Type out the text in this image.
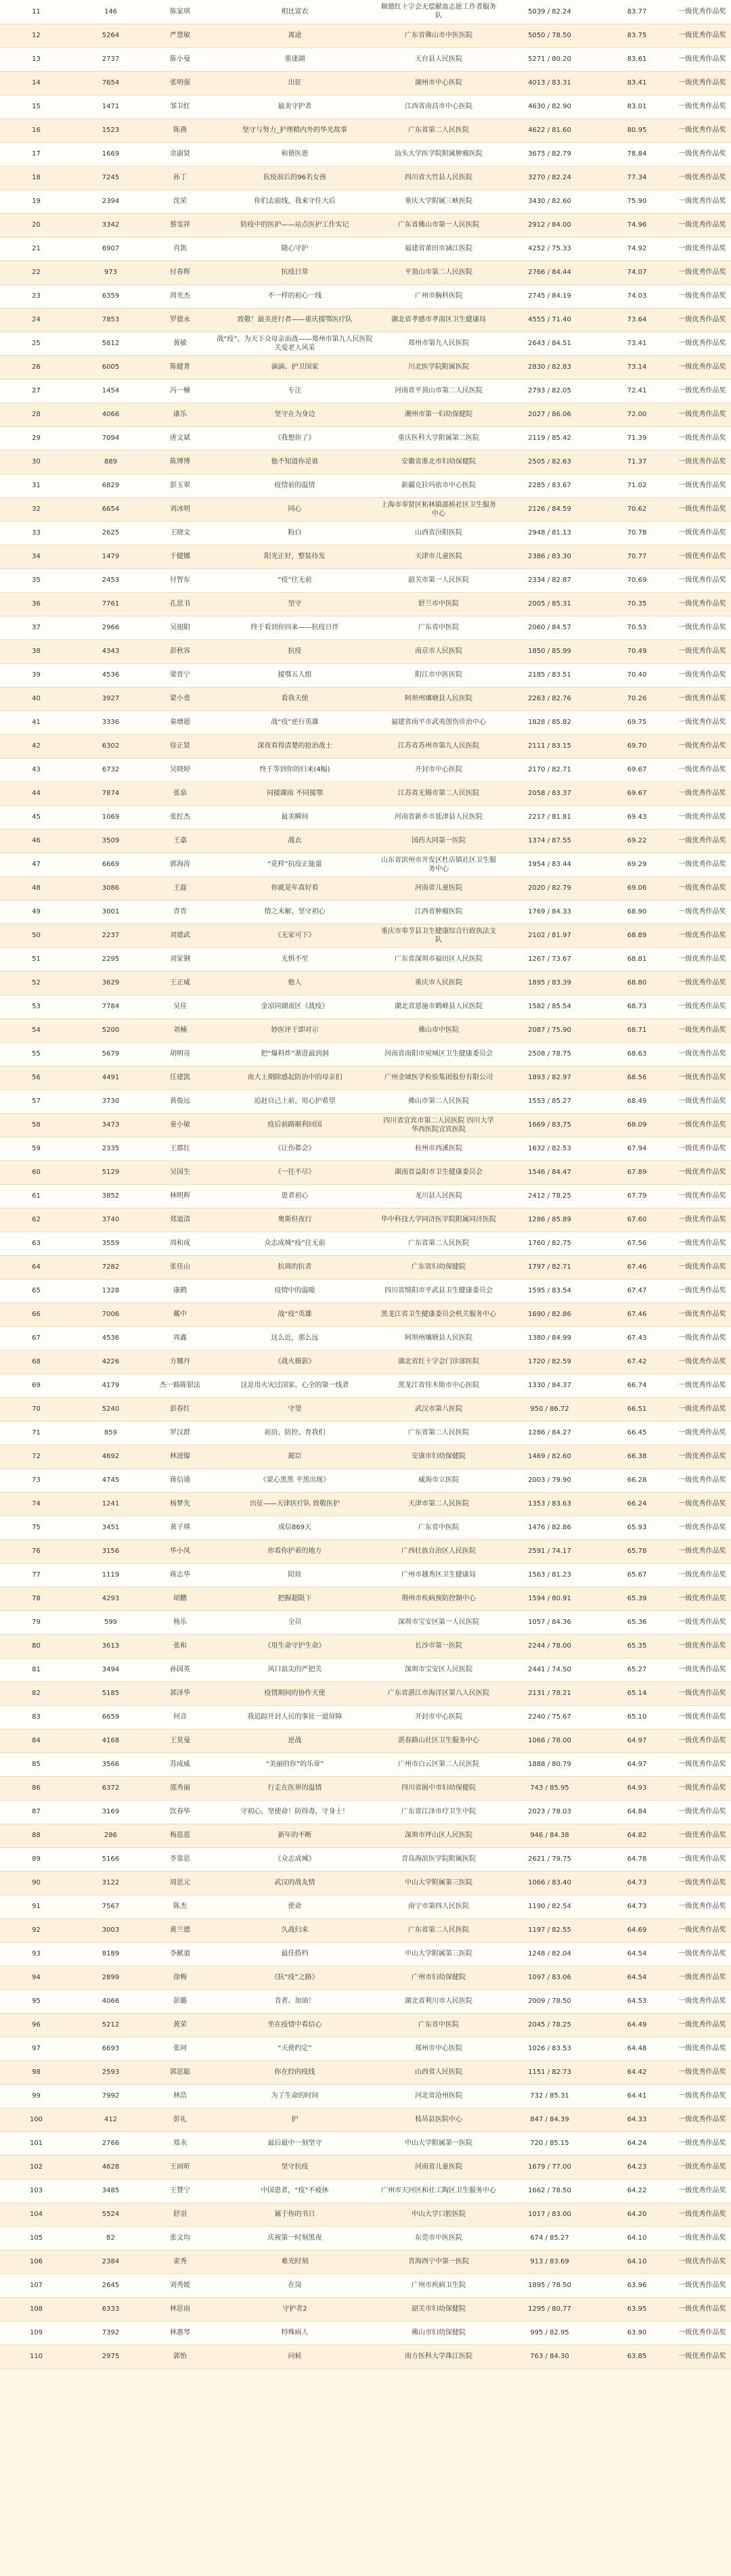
11	146	陈家琪	相比富农	顺德红十字会无偿献血志愿工作者服务队	5039 / 82.24	83.77	一级优秀作品奖
12	5264	严慧敏	离途	广东省佛山市中医医院	5050 / 78.50	83.75	一级优秀作品奖
13	2737	陈小曼	重逢湖	天台县人民医院	5271 / 80.20	83.61	一级优秀作品奖
14	7654	张明强	出征	湖州市中心医院	4013 / 83.31	83.41	一级优秀作品奖
15	1471	邹卫红	最美守护者	江西省南昌市中心医院	4630 / 82.90	83.01	一级优秀作品奖
16	1523	陈燕	坚守与努力_护理精内外的华光故事	广东省第二人民医院	4622 / 81.60	80.95	一级优秀作品奖
17	1669	余淑贤	和谐医患	汕头大学医学院附属肿瘤医院	3675 / 82.79	78.84	一级优秀作品奖
18	7245	孙丁	抗疫前后的96名女孩	四川省大竹县人民医院	3270 / 82.24	77.34	一级优秀作品奖
19	2394	沈荣	你们去前线，我来守住大后	重庆大学附属三峡医院	3430 / 82.60	75.90	一级优秀作品奖
20	3342	蔡雯祥	防疫中的医护——站点医护工作实记	广东省佛山市第一人民医院	2912 / 84.00	74.96	一级优秀作品奖
21	6907	肖凯	随心守护	福建省莆田市涵江医院	4252 / 75.33	74.92	一级优秀作品奖
22	973	付春辉	抗疫日常	平顶山市第二人民医院	2766 / 84.44	74.07	一级优秀作品奖
23	6359	周光杰	不一样的初心一线	广州市胸科医院	2745 / 84.19	74.03	一级优秀作品奖
24	7853	罗德永	致敬！最美逆行者——重庆援鄂医疗队	湖北省孝感市孝南区卫生健康局	4555 / 71.40	73.64	一级优秀作品奖
25	5812	黄敏	战“疫”，为天下众母亲而战——郑州市第九人民医院关爱老人风采	郑州市第九人民医院	2643 / 84.51	73.41	一级优秀作品奖
26	6005	陈健菁	滴滴、护卫国家	川北医学院附属医院	2830 / 82.83	73.14	一级优秀作品奖
27	1454	冯一楠	专注	河南省平顶山市第二人民医院	2793 / 82.05	72.41	一级优秀作品奖
28	4066	康乐	坚守在为身边	潮州市第一妇幼保健院	2027 / 86.06	72.00	一级优秀作品奖
29	7094	唐文斌	《我想你了》	重庆医科大学附属第二医院	2119 / 85.42	71.39	一级优秀作品奖
30	889	陈博博	他不知道你是谁	安徽省淮北市妇幼保健院	2505 / 82.63	71.37	一级优秀作品奖
31	6829	彭玉翠	疫情前的温情	新疆克拉玛依市中心医院	2285 / 83.67	71.02	一级优秀作品奖
32	6654	刘冰明	同心	上海市奉贤区柘林镇邵桥社区卫生服务中心	2126 / 84.59	70.62	一级优秀作品奖
33	2625	王晓文	粉白	山西省汾阳医院	2948 / 81.13	70.78	一级优秀作品奖
34	1479	于健娜	阳光正好，整装待发	天津市儿童医院	2386 / 83.30	70.77	一级优秀作品奖
35	2453	付智东	“疫”往无前	韶关市第一人民医院	2334 / 82.87	70.69	一级优秀作品奖
36	7761	孔思书	坚守	舒兰市中医院	2005 / 85.31	70.35	一级优秀作品奖
37	2966	吴旭阳	终于看到你回来——抗疫日伴	广东省中医院	2060 / 84.57	70.53	一级优秀作品奖
38	4343	彭秋容	抗疫	南京市人民医院	1850 / 85.99	70.49	一级优秀作品奖
39	4536	梁晋宁	援鄂五人组	阳江市中医医院	2185 / 83.51	70.40	一级优秀作品奖
40	3927	蒙小勇	看我天使	阿坝州壤塘县人民医院	2263 / 82.76	70.26	一级优秀作品奖
41	3336	秦增超	战“疫”逆行英雄	福建省南平市武夷创伤诊治中心	1828 / 85.82	69.75	一级优秀作品奖
42	6302	徐正贤	深夜看得清楚的抢治战士	江苏省苏州市第九人民医院	2111 / 83.15	69.70	一级优秀作品奖
43	6732	吴晓婷	终于等到你的归来(4幅)	开封市中心医院	2170 / 82.71	69.67	一级优秀作品奖
44	7874	张泉	同援湖南 不同援鄂	江苏省无锡市第二人民医院	2058 / 83.37	69.67	一级优秀作品奖
45	1069	张红杰	最美瞬间	河南省新乡市延津县人民医院	2217 / 81.81	69.43	一级优秀作品奖
46	3509	王嘉	战衣	国药大同第一医院	1374 / 87.55	69.22	一级优秀作品奖
47	6669	郭海涛	“花样”抗疫正能量	山东省滨州市开发区杜店镇社区卫生服务中心	1954 / 83.44	69.29	一级优秀作品奖
48	3086	王磊	你就是年真好看	河南省儿童医院	2020 / 82.79	69.06	一级优秀作品奖
49	3001	青青	情之未解，坚守初心	江西省肿瘤医院	1769 / 84.33	68.90	一级优秀作品奖
50	2237	刘德武	《无家可下》	重庆市奉节县卫生健康综合行政执法支队	2102 / 81.97	68.89	一级优秀作品奖
51	2295	刘家钢	无惧不至	广东省深圳市福田区人民医院	1267 / 73.67	68.81	一级优秀作品奖
52	3629	王正威	他人	重庆市人民医院	1895 / 83.39	68.80	一级优秀作品奖
53	7784	吴佳	金凉同湖南区《战疫》	湖北省恩施市鹤峰县人民医院	1582 / 85.54	68.73	一级优秀作品奖
54	5200	刘楠	妙医评于即对示	佛山市中医院	2087 / 75.90	68.71	一级优秀作品奖
55	5679	胡明亮	把“爆料炸”渐进最到洞	河南省南阳市宛城区卫生健康委员会	2508 / 78.75	68.63	一级优秀作品奖
56	4491	任建凯	南大上期除感起防治中的母亲们	广州金域医学检验集团股份有限公司	1893 / 82.97	68.56	一级优秀作品奖
57	3730	黄俊远	追赶自己上前，用心护希望	佛山市第二人民医院	1553 / 85.27	68.49	一级优秀作品奖
58	3473	童小敏	疫后前路顺利回国	四川省宜宾市第二人民医院 四川大学华西医院宜宾医院	1669 / 83.75	68.09	一级优秀作品奖
59	2335	王郡红	《让伤都会》	杭州市西溪医院	1632 / 82.53	67.94	一级优秀作品奖
60	5129	吴国生	《一往不尽》	湖南省益阳市卫生健康委员会	1546 / 84.47	67.89	一级优秀作品奖
61	3852	林明辉	患者初心	龙川县人民医院	2412 / 78.25	67.79	一级优秀作品奖
62	3740	郑道清	奥斯但夜行	华中科技大学同济医学院附属同济医院	1286 / 85.89	67.60	一级优秀作品奖
63	3559	周和成	众志成城“疫”往无前	广东省第二人民医院	1760 / 82.75	67.56	一级优秀作品奖
64	7282	张佳山	抗周的抗者	广东省妇幼保健院	1797 / 82.71	67.46	一级优秀作品奖
65	1328	康鹤	疫情中的温暖	四川省绵阳市平武县卫生健康委员会	1595 / 83.54	67.47	一级优秀作品奖
66	7006	戴中	战“疫”英雄	黑龙江省卫生健康委员会机关服务中心	1690 / 82.86	67.46	一级优秀作品奖
67	4536	周鑫	这么近，那么远	阿坝州壤塘县人民医院	1380 / 84.99	67.43	一级优秀作品奖
68	4226	方娜丹	《战火摄影》	湖北省红十字会门诊部医院	1720 / 82.59	67.42	一级优秀作品奖
69	4179	杰一路陈银法	这是用火灾过国家、心全的第一线者	黑龙江省佳木斯市中心医院	1330 / 84.37	66.74	一级优秀作品奖
70	5240	彭春红	守望	武汉市第八医院	950 / 86.72	66.51	一级优秀作品奖
71	859	罗汉群	前沿、防控。育我们	广东省第二人民医院	1286 / 84.27	66.45	一级优秀作品奖
72	4692	林进镍	蔺臣	安康市妇幼保健院	1469 / 82.60	66.38	一级优秀作品奖
73	4745	蒋信通	《蒙心黑黑 平黑出现》	威海市立医院	2003 / 79.90	66.28	一级优秀作品奖
74	1241	杨梦先	出征——天津医疗队 致敬医护	天津市第二人民医院	1353 / 83.63	66.24	一级优秀作品奖
75	3451	黄子琪	成信869天	广东省中医院	1476 / 82.86	65.93	一级优秀作品奖
76	3156	华小凤	你看你护着的地方	广西壮族自治区人民医院	2591 / 74.17	65.78	一级优秀作品奖
77	1119	蒋志华	陪娃	广州市越秀区卫生健康局	1563 / 81.23	65.67	一级优秀作品奖
78	4293	胡鹏	把握超限下	荆州市疾病预防控制中心	1594 / 80.91	65.39	一级优秀作品奖
79	599	杨乐	全员	深圳市宝安区第一人民医院	1057 / 84.36	65.36	一级优秀作品奖
80	3613	张和	《用生命守护生命》	长沙市第一医院	2244 / 78.00	65.35	一级优秀作品奖
81	3494	孙国英	风口浪尖的严把关	深圳市宝安区人民医院	2441 / 74.50	65.27	一级优秀作品奖
82	5185	郭泽华	疫情期间的协作天使	广东省湛江市海洋区第八人民医院	2131 / 78.21	65.14	一级优秀作品奖
83	6659	何音	我追踪开封人民的事征一道屏障	开封市中心医院	2240 / 75.67	65.10	一级优秀作品奖
84	4168	王莫曼	逆战	湛春路山社区卫生服务中心	1066 / 78.00	64.97	一级优秀作品奖
85	3566	苏成威	“美丽的你”的乐章”	广州市白云区第二人民医院	1888 / 80.79	64.97	一级优秀作品奖
86	6372	邵秀丽	行走在医界的温情	四川省阆中市妇幼保健院	743 / 85.95	64.93	一级优秀作品奖
87	3169	饮春华	守初心，坚使命！防得毒，守身土！	广东省江泽市疗卫生中院	2023 / 78.03	64.84	一级优秀作品奖
88	286	梅恩恩	新年的不断	深圳市坪山区人民医院	946 / 84.38	64.82	一级优秀作品奖
89	5166	李靠思	《众志成城》	青岛海滨医学院附属医院	2621 / 79.75	64.78	一级优秀作品奖
90	3122	周思元	武汉的战友情	中山大学附属第三医院	1066 / 83.40	64.73	一级优秀作品奖
91	7567	陈杰	使命	南宁市第四人民医院	1190 / 82.54	64.73	一级优秀作品奖
92	3003	黄兰德	久战归来	广东省第二人民医院	1197 / 82.55	64.69	一级优秀作品奖
93	8189	李献道	最佳搭档	中山大学附属第三医院	1248 / 82.04	64.54	一级优秀作品奖
94	2899	徐梅	《抗“疫”之路》	广州市妇幼保健院	1097 / 83.06	64.54	一级优秀作品奖
95	4066	彭璐	青者、加油！	湖北省利川市人民医院	2009 / 78.50	64.53	一级优秀作品奖
96	5212	黄荣	坐在疫情中看信心	广东省中医院	2045 / 78.25	64.49	一级优秀作品奖
97	6693	张珂	“天使约定”	郑州市中心医院	1026 / 83.53	64.48	一级优秀作品奖
98	2593	郭思聪	你在经的疫线	山西省人民医院	1151 / 82.73	64.42	一级优秀作品奖
99	7992	林浩	为了生命的时间	河北省沧州医院	732 / 85.31	64.41	一级优秀作品奖
100	412	彭礼	护	枝吊县医院中心	847 / 84.39	64.33	一级优秀作品奖
101	2766	郑永	最后最中一刻坚守	中山大学附属第一医院	720 / 85.15	64.24	一级优秀作品奖
102	4628	王雨昕	坚守抗疫	河南省儿童医院	1679 / 77.00	64.23	一级优秀作品奖
103	3485	王赞宁	中国患者，“疫”不疲休	广州市天河区和社工陶区卫生服务中心	1662 / 78.50	64.22	一级优秀作品奖
104	5524	舒羽	属于你的书日	中山大学口腔医院	1017 / 83.00	64.20	一级优秀作品奖
105	82	张文均	庆祝第一时刻黑夜	东莞市中医医院	674 / 85.27	64.10	一级优秀作品奖
106	2384	雀秀	难光时刻	青海西宁中第一医院	913 / 83.69	64.10	一级优秀作品奖
107	2645	刘秀媛	在岗	广州市疾病卫生院	1895 / 78.50	63.96	一级优秀作品奖
108	6333	林思雨	守护者2	韶关市妇幼保健院	1295 / 80.77	63.95	一级优秀作品奖
109	7392	林惠琴	特殊病人	佛山市妇幼保健院	995 / 82.95	63.90	一级优秀作品奖
110	2975	郭怡	问候	南方医科大学珠江医院	763 / 84.30	63.85	一级优秀作品奖
